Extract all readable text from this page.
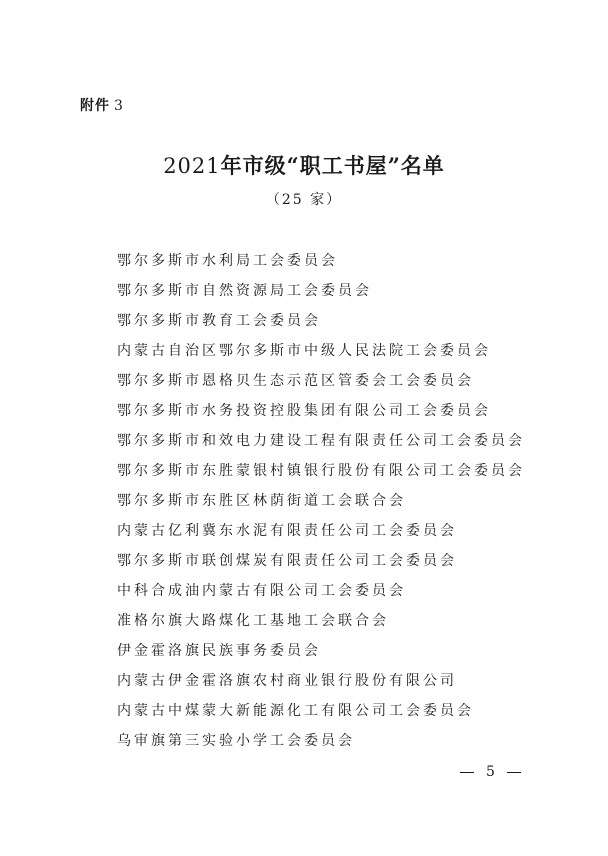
附件 3
2021年市级“职工书屋”名单
（25 家）
鄂尔多斯市水利局工会委员会
鄂尔多斯市自然资源局工会委员会
鄂尔多斯市教育工会委员会
内蒙古自治区鄂尔多斯市中级人民法院工会委员会
鄂尔多斯市恩格贝生态示范区管委会工会委员会
鄂尔多斯市水务投资控股集团有限公司工会委员会
鄂尔多斯市和效电力建设工程有限责任公司工会委员会
鄂尔多斯市东胜蒙银村镇银行股份有限公司工会委员会
鄂尔多斯市东胜区林荫街道工会联合会
内蒙古亿利冀东水泥有限责任公司工会委员会
鄂尔多斯市联创煤炭有限责任公司工会委员会
中科合成油内蒙古有限公司工会委员会
准格尔旗大路煤化工基地工会联合会
伊金霍洛旗民族事务委员会
内蒙古伊金霍洛旗农村商业银行股份有限公司
内蒙古中煤蒙大新能源化工有限公司工会委员会
乌审旗第三实验小学工会委员会
5
